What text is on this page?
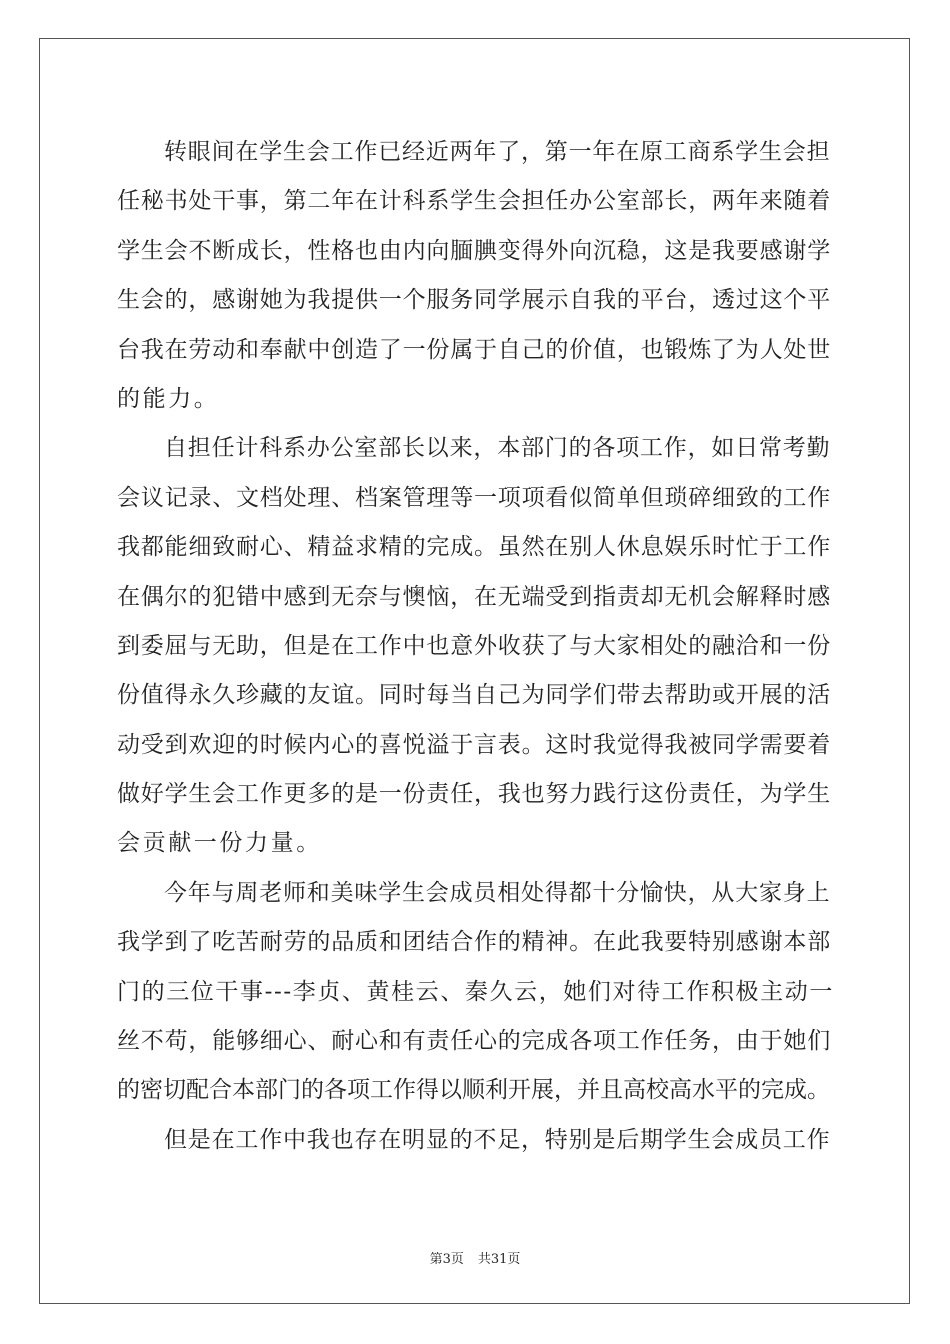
转眼间在学生会工作已经近两年了，第一年在原工商系学生会担
任秘书处干事，第二年在计科系学生会担任办公室部长，两年来随着
学生会不断成长，性格也由内向腼腆变得外向沉稳，这是我要感谢学
生会的，感谢她为我提供一个服务同学展示自我的平台，透过这个平
台我在劳动和奉献中创造了一份属于自己的价值，也锻炼了为人处世
的能力。
自担任计科系办公室部长以来，本部门的各项工作，如日常考勤
会议记录、文档处理、档案管理等一项项看似简单但琐碎细致的工作
我都能细致耐心、精益求精的完成。虽然在别人休息娱乐时忙于工作
在偶尔的犯错中感到无奈与懊恼，在无端受到指责却无机会解释时感
到委屈与无助，但是在工作中也意外收获了与大家相处的融洽和一份
份值得永久珍藏的友谊。同时每当自己为同学们带去帮助或开展的活
动受到欢迎的时候内心的喜悦溢于言表。这时我觉得我被同学需要着
做好学生会工作更多的是一份责任，我也努力践行这份责任，为学生
会贡献一份力量。
今年与周老师和美味学生会成员相处得都十分愉快，从大家身上
我学到了吃苦耐劳的品质和团结合作的精神。在此我要特别感谢本部
门的三位干事---李贞、黄桂云、秦久云，她们对待工作积极主动一
丝不苟，能够细心、耐心和有责任心的完成各项工作任务，由于她们
的密切配合本部门的各项工作得以顺利开展，并且高校高水平的完成。
但是在工作中我也存在明显的不足，特别是后期学生会成员工作
第3页 共31页
